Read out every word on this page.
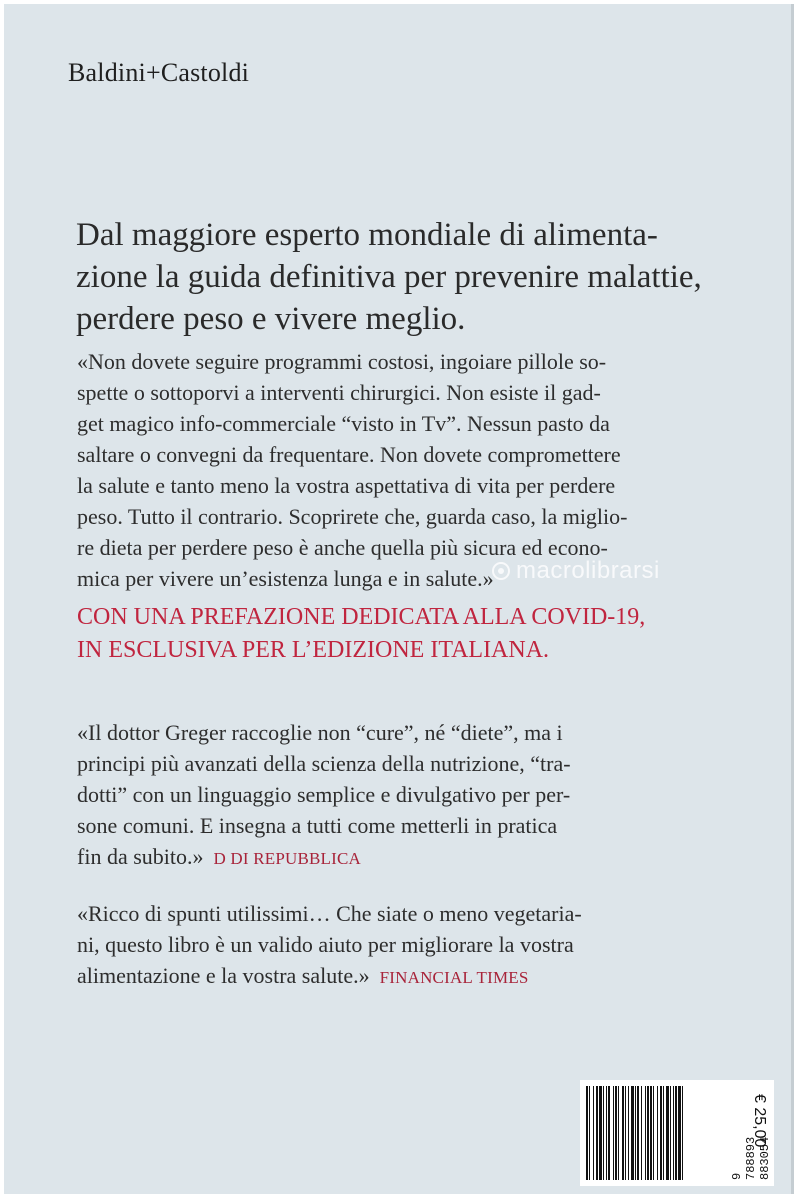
Baldini+Castoldi
Dal maggiore esperto mondiale di alimenta-
zione la guida definitiva per prevenire malattie,
perdere peso e vivere meglio.
«Non dovete seguire programmi costosi, ingoiare pillole so-
spette o sottoporvi a interventi chirurgici. Non esiste il gad-
get magico info-commerciale “visto in Tv”. Nessun pasto da
saltare o convegni da frequentare. Non dovete compromettere
la salute e tanto meno la vostra aspettativa di vita per perdere
peso. Tutto il contrario. Scoprirete che, guarda caso, la miglio-
re dieta per perdere peso è anche quella più sicura ed econo-
mica per vivere un’esistenza lunga e in salute.» macrolibrarsi
CON UNA PREFAZIONE DEDICATA ALLA COVID-19,
IN ESCLUSIVA PER L’EDIZIONE ITALIANA.
«Il dottor Greger raccoglie non “cure”, né “diete”, ma i
principi più avanzati della scienza della nutrizione, “tra-
dotti” con un linguaggio semplice e divulgativo per per-
sone comuni. E insegna a tutti come metterli in pratica
fin da subito.» D DI REPUBBLICA
«Ricco di spunti utilissimi… Che siate o meno vegetaria-
ni, questo libro è un valido aiuto per migliorare la vostra
alimentazione e la vostra salute.» FINANCIAL TIMES
9 788893 883054
€ 25,00
